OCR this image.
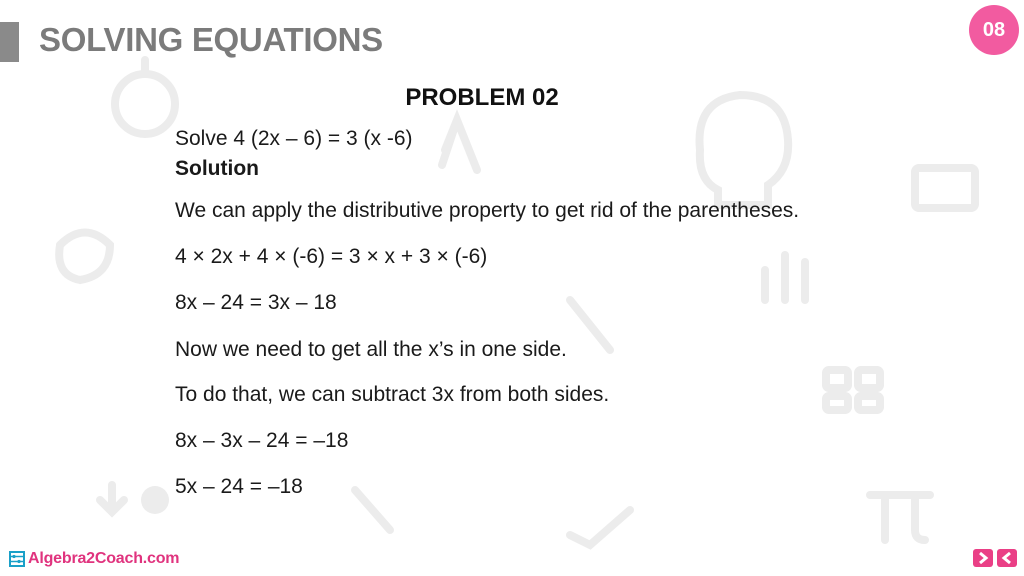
SOLVING EQUATIONS	08
PROBLEM 02
Solve 4 (2x – 6) = 3 (x -6)
Solution
We can apply the distributive property to get rid of the parentheses.
4 × 2x + 4 × (-6) = 3 × x + 3 × (-6)
8x – 24 = 3x – 18
Now we need to get all the x’s in one side.
To do that, we can subtract 3x from both sides.
8x – 3x – 24 = –18
5x – 24 = –18
Algebra2Coach.com
